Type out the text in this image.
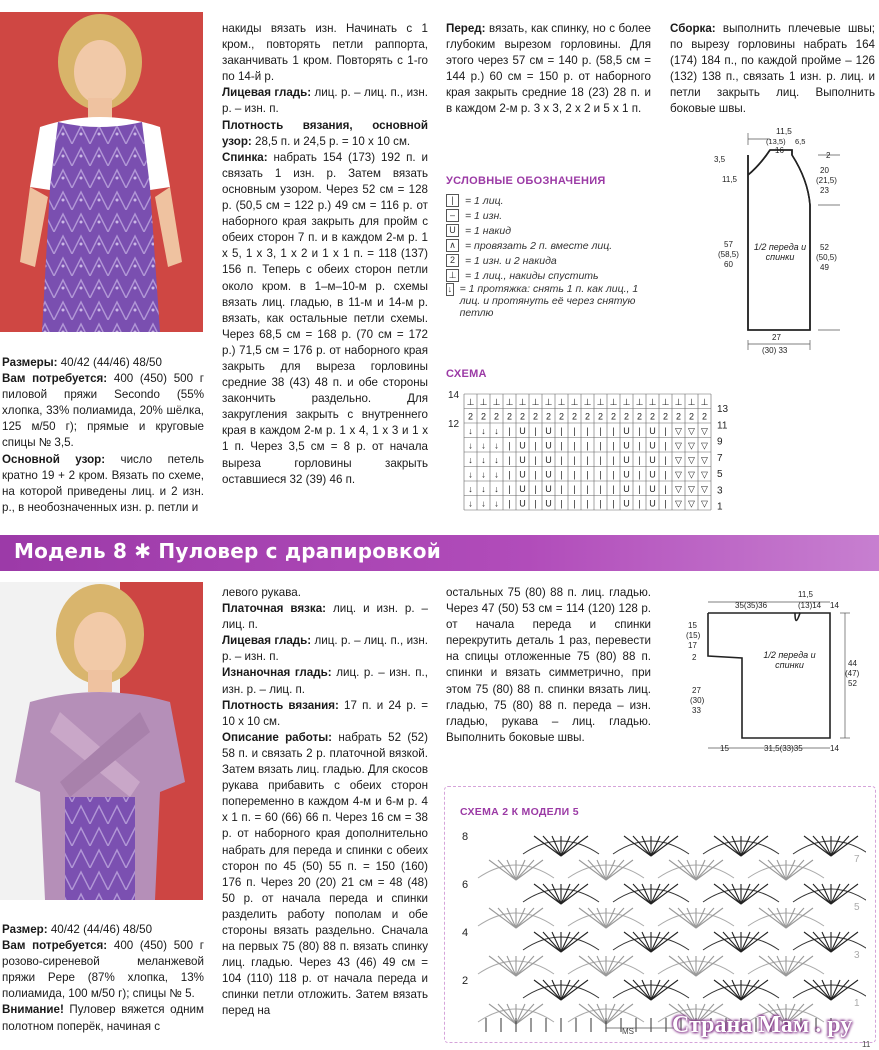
Размеры: 40/42 (44/46) 48/50

Вам потребуется: 400 (450) 500 г пиловой пряжи Secondo (55% хлопка, 33% полиамида, 20% шёлка, 125 м/50 г); прямые и круговые спицы № 3,5.

Основной узор: число петель кратно 19 + 2 кром. Вязать по схеме, на которой приведены лиц. и 2 изн. р., в необозначенных изн. р. петли и

накиды вязать изн. Начинать с 1 кром., повторять петли раппорта, заканчивать 1 кром. Повторять с 1-го по 14-й р.

Лицевая гладь: лиц. р. – лиц. п., изн. р. – изн. п.

Плотность вязания, основной узор: 28,5 п. и 24,5 р. = 10 х 10 см.

Спинка: набрать 154 (173) 192 п. и связать 1 изн. р. Затем вязать основным узором. Через 52 см = 128 р. (50,5 см = 122 р.) 49 см = 116 р. от наборного края закрыть для пройм с обеих сторон 7 п. и в каждом 2-м р. 1 х 5, 1 х 3, 1 х 2 и 1 х 1 п. = 118 (137) 156 п. Теперь с обеих сторон петли около кром. в 1–м–10-м р. схемы вязать лиц. гладью, в 11-м и 14-м р. вязать, как остальные петли схемы. Через 68,5 см = 168 р. (70 см = 172 р.) 71,5 см = 176 р. от наборного края закрыть для выреза горловины средние 38 (43) 48 п. и обе стороны закончить раздельно. Для закругления закрыть с внутреннего края в каждом 2-м р. 1 х 4, 1 х 3 и 1 х 1 п. Через 3,5 см = 8 р. от начала выреза горловины закрыть оставшиеся 32 (39) 46 п.

Перед: вязать, как спинку, но с более глубоким вырезом горловины. Для этого через 57 см = 140 р. (58,5 см = 144 р.) 60 см = 150 р. от наборного края закрыть средние 18 (23) 28 п. и в каждом 2-м р. 3 х 3, 2 х 2 и 5 х 1 п.

УСЛОВНЫЕ ОБОЗНАЧЕНИЯ
|	= 1 лиц.
– = 1 изн.
U = 1 накид
∧ = провязать 2 п. вместе лиц.
2 = 1 изн. и 2 накида
⊥ = 1 лиц., накиды спустить
↓ = 1 протяжка: снять 1 п. как лиц., 1 лиц. и протянуть её через снятую петлю
СХЕМА
⊥ ⊥ ⊥ ⊥ ⊥ ⊥ ⊥ ⊥ ⊥ ⊥ ⊥ ⊥ ⊥ ⊥ ⊥ ⊥ ⊥ ⊥ ⊥
2 2 2 2 2 2 2 2 2 2 2 2 2 2 2 2 2 2 2
↓ ↓ ↓ | U | U | | | | | U | U | ▽ ▽ ▽
↓ ↓ ↓ | U | U | | | | | U | U | ▽ ▽ ▽
↓ ↓ ↓ | U | U | | | | | U | U | ▽ ▽ ▽
↓ ↓ ↓ | U | U | | | | | U | U | ▽ ▽ ▽
↓ ↓ ↓ | U | U | | | | | U | U | ▽ ▽ ▽
↓ ↓ ↓ | U | U | | | | | U | U | ▽ ▽ ▽
14
12
13
11
9
7
5
3
1

Сборка: выполнить плечевые швы; по вырезу горловины набрать 164 (174) 184 п., по каждой пройме – 126 (132) 138 п., связать 1 изн. р. лиц. и петли закрыть лиц. Выполнить боковые швы.

11,5
(13,5) 6,5
16
3,5
11,5
2
20
(21,5)
23
57
(58,5)
60
52
(50,5)
49
27
(30) 33
1/2 переда и спинки
Модель 8 ✱ Пуловер с драпировкой

Размер: 40/42 (44/46) 48/50

Вам потребуется: 400 (450) 500 г розово-сиреневой меланжевой пряжи Pepe (87% хлопка, 13% полиамида, 100 м/50 г); спицы № 5.

Внимание! Пуловер вяжется одним полотном поперёк, начиная с

левого рукава.

Платочная вязка: лиц. и изн. р. – лиц. п.

Лицевая гладь: лиц. р. – лиц. п., изн. р. – изн. п.

Изнаночная гладь: лиц. р. – изн. п., изн. р. – лиц. п.

Плотность вязания: 17 п. и 24 р. = 10 х 10 см.

Описание работы: набрать 52 (52) 58 п. и связать 2 р. платочной вязкой. Затем вязать лиц. гладью. Для скосов рукава прибавить с обеих сторон попеременно в каждом 4-м и 6-м р. 4 х 1 п. = 60 (66) 66 п. Через 16 см = 38 р. от наборного края дополнительно набрать для переда и спинки с обеих сторон по 45 (50) 55 п. = 150 (160) 176 п. Через 20 (20) 21 см = 48 (48) 50 р. от начала переда и спинки разделить работу пополам и обе стороны вязать раздельно. Сначала на первых 75 (80) 88 п. вязать спинку лиц. гладью. Через 43 (46) 49 см = 104 (110) 118 р. от начала переда и спинки петли отложить. Затем вязать перед на

остальных 75 (80) 88 п. лиц. гладью. Через 47 (50) 53 см = 114 (120) 128 р. от начала переда и спинки перекрутить деталь 1 раз, перевести на спицы отложенные 75 (80) 88 п. спинки и вязать симметрично, при этом 75 (80) 88 п. спинки вязать лиц. гладью, 75 (80) 88 п. переда – изн. гладью, рукава – лиц. гладью. Выполнить боковые швы.

35(35)36
11,5
(13)14 14
15
(15)
17
2
44
(47)
52
27
(30)
33
15	31,5(33)35	14
1/2 переда и спинки
СХЕМА 2 К МОДЕЛИ 5
MS
8
6
4
2
7
5
3
1
Страна Мам . ру
11
